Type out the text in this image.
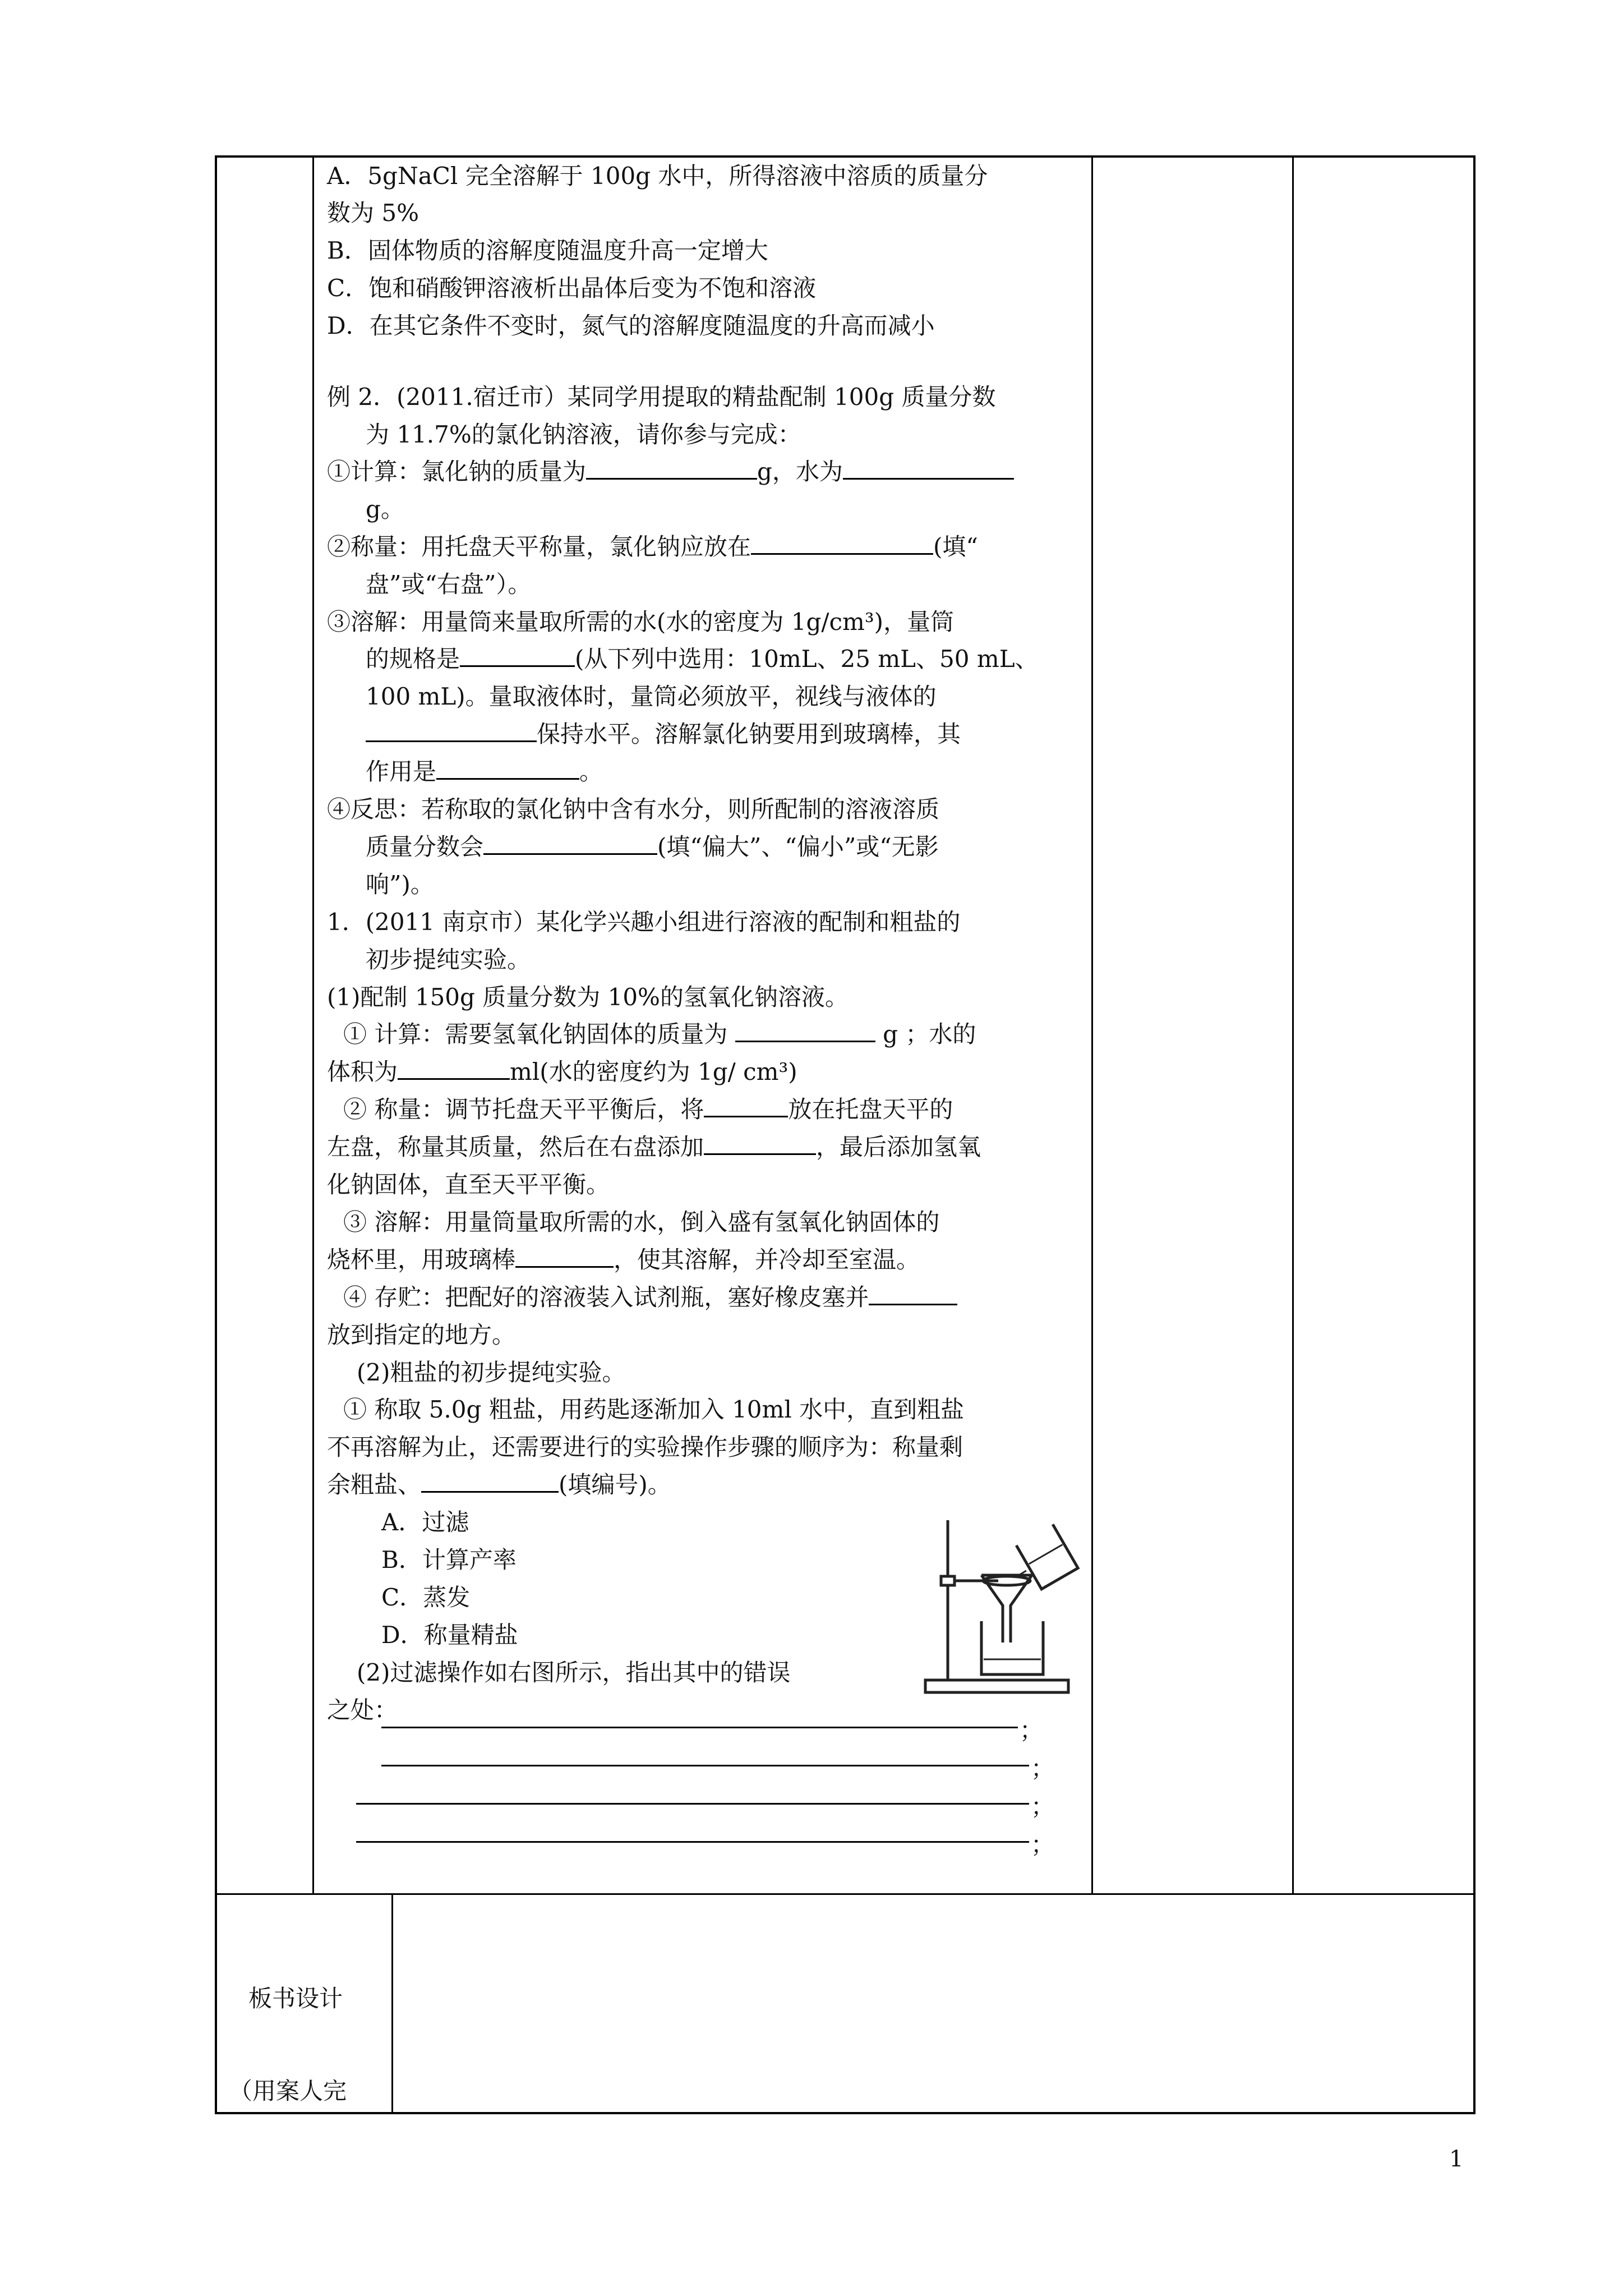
A．5gNaCl 完全溶解于 100g 水中，所得溶液中溶质的质量分
数为 5%
B．固体物质的溶解度随温度升高一定增大
C．饱和硝酸钾溶液析出晶体后变为不饱和溶液
D．在其它条件不变时，氮气的溶解度随温度的升高而减小
例 2．(2011.宿迁市）某同学用提取的精盐配制 100g 质量分数
为 11.7%的氯化钠溶液，请你参与完成：
①计算：氯化钠的质量为	g，水为
g。
②称量：用托盘天平称量，氯化钠应放在	(填“
盘”或“右盘”）。
③溶解：用量筒来量取所需的水(水的密度为 1g/cm³)，量筒
的规格是	(从下列中选用：10mL、25 mL、50 mL、
100 mL)。量取液体时，量筒必须放平，视线与液体的
保持水平。溶解氯化钠要用到玻璃棒，其
作用是	。
④反思：若称取的氯化钠中含有水分，则所配制的溶液溶质
质量分数会	(填“偏大”、“偏小”或“无影
响”)。
1．(2011 南京市）某化学兴趣小组进行溶液的配制和粗盐的
初步提纯实验。
(1)配制 150g 质量分数为 10%的氢氧化钠溶液。
① 计算：需要氢氧化钠固体的质量为	g ；水的
体积为	ml(水的密度约为 1g/ cm³)
② 称量：调节托盘天平平衡后，将	放在托盘天平的
左盘，称量其质量，然后在右盘添加	，最后添加氢氧
化钠固体，直至天平平衡。
③ 溶解：用量筒量取所需的水，倒入盛有氢氧化钠固体的
烧杯里，用玻璃棒	，使其溶解，并冷却至室温。
④ 存贮：把配好的溶液装入试剂瓶，塞好橡皮塞并
放到指定的地方。
(2)粗盐的初步提纯实验。
① 称取 5.0g 粗盐，用药匙逐渐加入 10ml 水中，直到粗盐
不再溶解为止，还需要进行的实验操作步骤的顺序为：称量剩
余粗盐、	(填编号)。
A．过滤
B．计算产率
C．蒸发
D．称量精盐
(2)过滤操作如右图所示，指出其中的错误
之处：
；
；
；
；
板书设计
（用案人完
1
